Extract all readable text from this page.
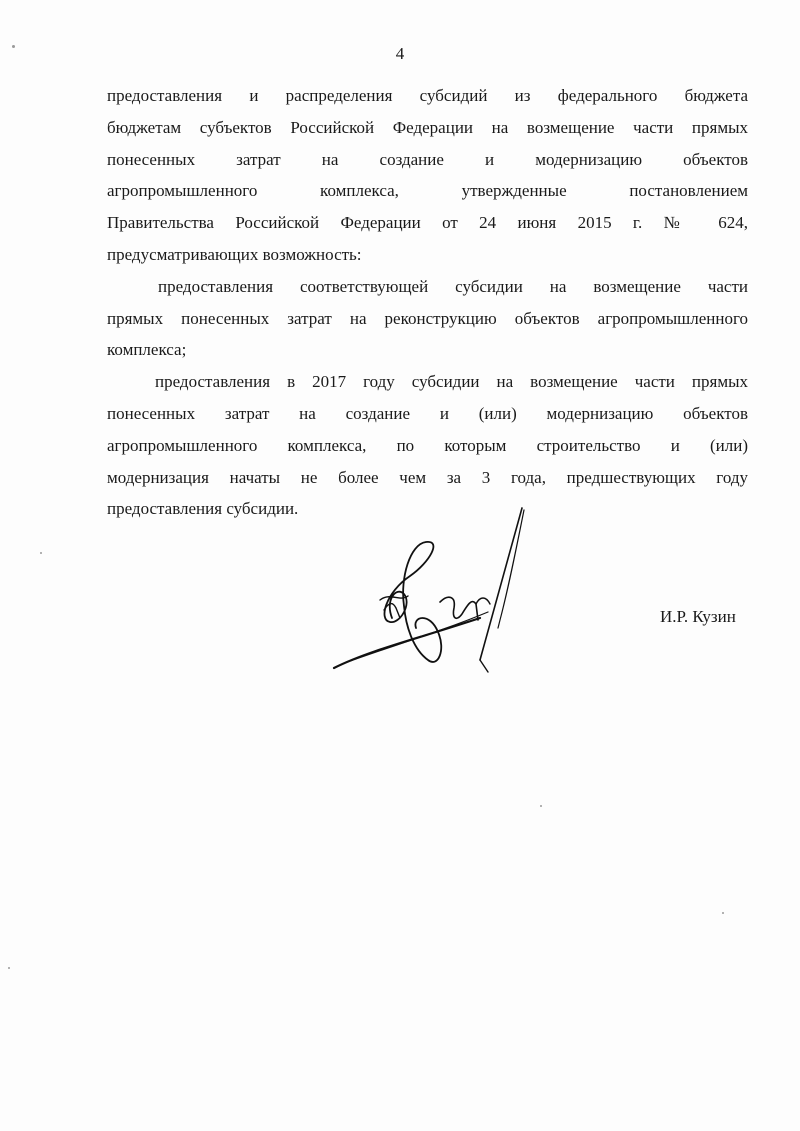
4
предоставления и распределения субсидий из федерального бюджета
бюджетам субъектов Российской Федерации на возмещение части прямых
понесенных затрат на создание и модернизацию объектов
агропромышленного комплекса, утвержденные постановлением
Правительства Российской Федерации от 24 июня 2015 г. № 624,
предусматривающих возможность:
предоставления соответствующей субсидии на возмещение части
прямых понесенных затрат на реконструкцию объектов агропромышленного
комплекса;
предоставления в 2017 году субсидии на возмещение части прямых
понесенных затрат на создание и (или) модернизацию объектов
агропромышленного комплекса, по которым строительство и (или)
модернизация начаты не более чем за 3 года, предшествующих году
предоставления субсидии.
И.Р. Кузин
